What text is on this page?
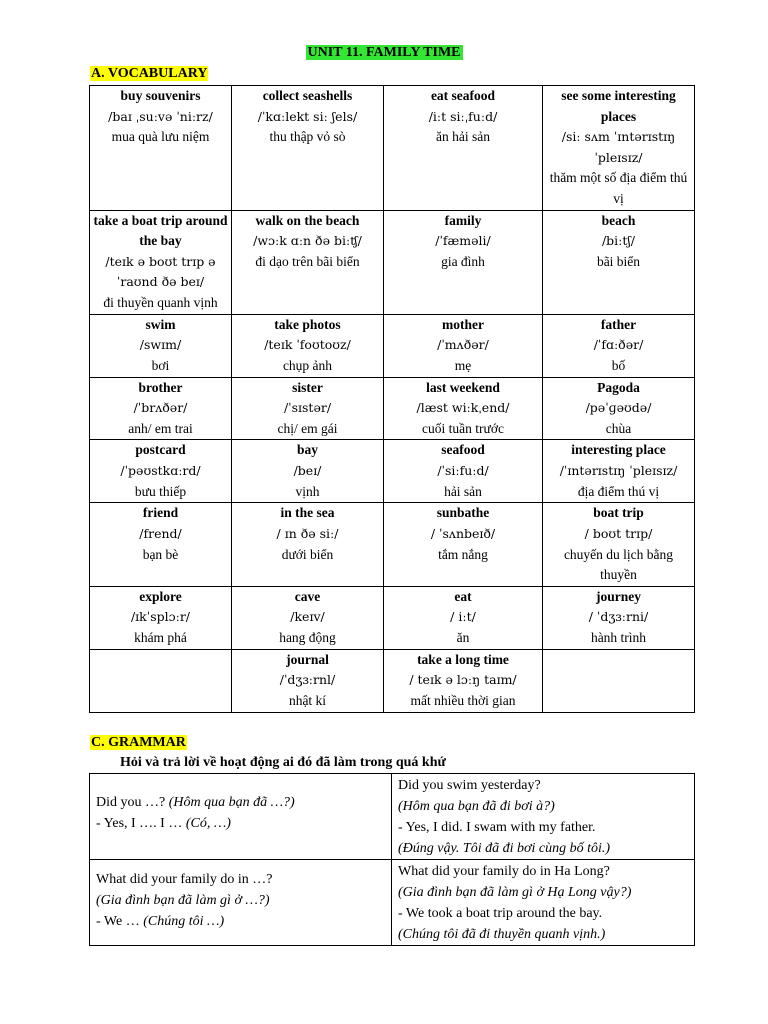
UNIT 11. FAMILY TIME
A. VOCABULARY
buy souvenirs
/baɪ ˌsuːvə ˈniːrz/
mua quà lưu niệm	collect seashells
/ˈkɑːlekt siː ʃels/
thu thập vỏ sò	eat seafood
/iːt siːˌfuːd/
ăn hải sản	see some interesting places
/siː sʌm ˈɪntərɪstɪŋ ˈpleɪsɪz/
thăm một số địa điểm thú vị

take a boat trip around the bay
/teɪk ə boʊt trɪp ə ˈraʊnd ðə beɪ/
đi thuyền quanh vịnh	walk on the beach
/wɔːk ɑːn ðə biːʧ/
đi dạo trên bãi biển	family
/ˈfæməli/
gia đình	beach
/biːtʃ/
bãi biển

swim
/swɪm/
bơi	take photos
/teɪk ˈfoʊtoʊz/
chụp ảnh	mother
/ˈmʌðər/
mẹ	father
/ˈfɑːðər/
bố

brother
/ˈbrʌðər/
anh/ em trai	sister
/ˈsɪstər/
chị/ em gái	last weekend
/læst wiːkˌend/
cuối tuần trước	Pagoda
/pəˈɡəʊdə/
chùa

postcard
/ˈpəʊstkɑːrd/
bưu thiếp	bay
/beɪ/
vịnh	seafood
/ˈsiːfuːd/
hải sản	interesting place
/ˈɪntərɪstɪŋ ˈpleɪsɪz/
địa điểm thú vị

friend
/frend/
bạn bè	in the sea
/ ɪn ðə siː/
dưới biển	sunbathe
/ ˈsʌnbeɪð/
tắm nắng	boat trip
/ boʊt trɪp/
chuyến du lịch bằng thuyền

explore
/ɪkˈsplɔːr/
khám phá	cave
/keɪv/
hang động	eat
/ iːt/
ăn	journey
/ ˈdʒɜːrni/
hành trình

	journal
/ˈdʒɜːrnl/
nhật kí	take a long time
/ teɪk ə lɔːŋ taɪm/
mất nhiều thời gian	

C. GRAMMAR
Hỏi và trả lời về hoạt động ai đó đã làm trong quá khứ
Did you …? (Hôm qua bạn đã …?)
- Yes, I …. I … (Có, …)	Did you swim yesterday?
(Hôm qua bạn đã đi bơi à?)
- Yes, I did. I swam with my father.
(Đúng vậy. Tôi đã đi bơi cùng bố tôi.)

What did your family do in …?
(Gia đình bạn đã làm gì ở …?)
- We … (Chúng tôi …)	What did your family do in Ha Long?
(Gia đình bạn đã làm gì ở Hạ Long vậy?)
- We took a boat trip around the bay.
(Chúng tôi đã đi thuyền quanh vịnh.)
